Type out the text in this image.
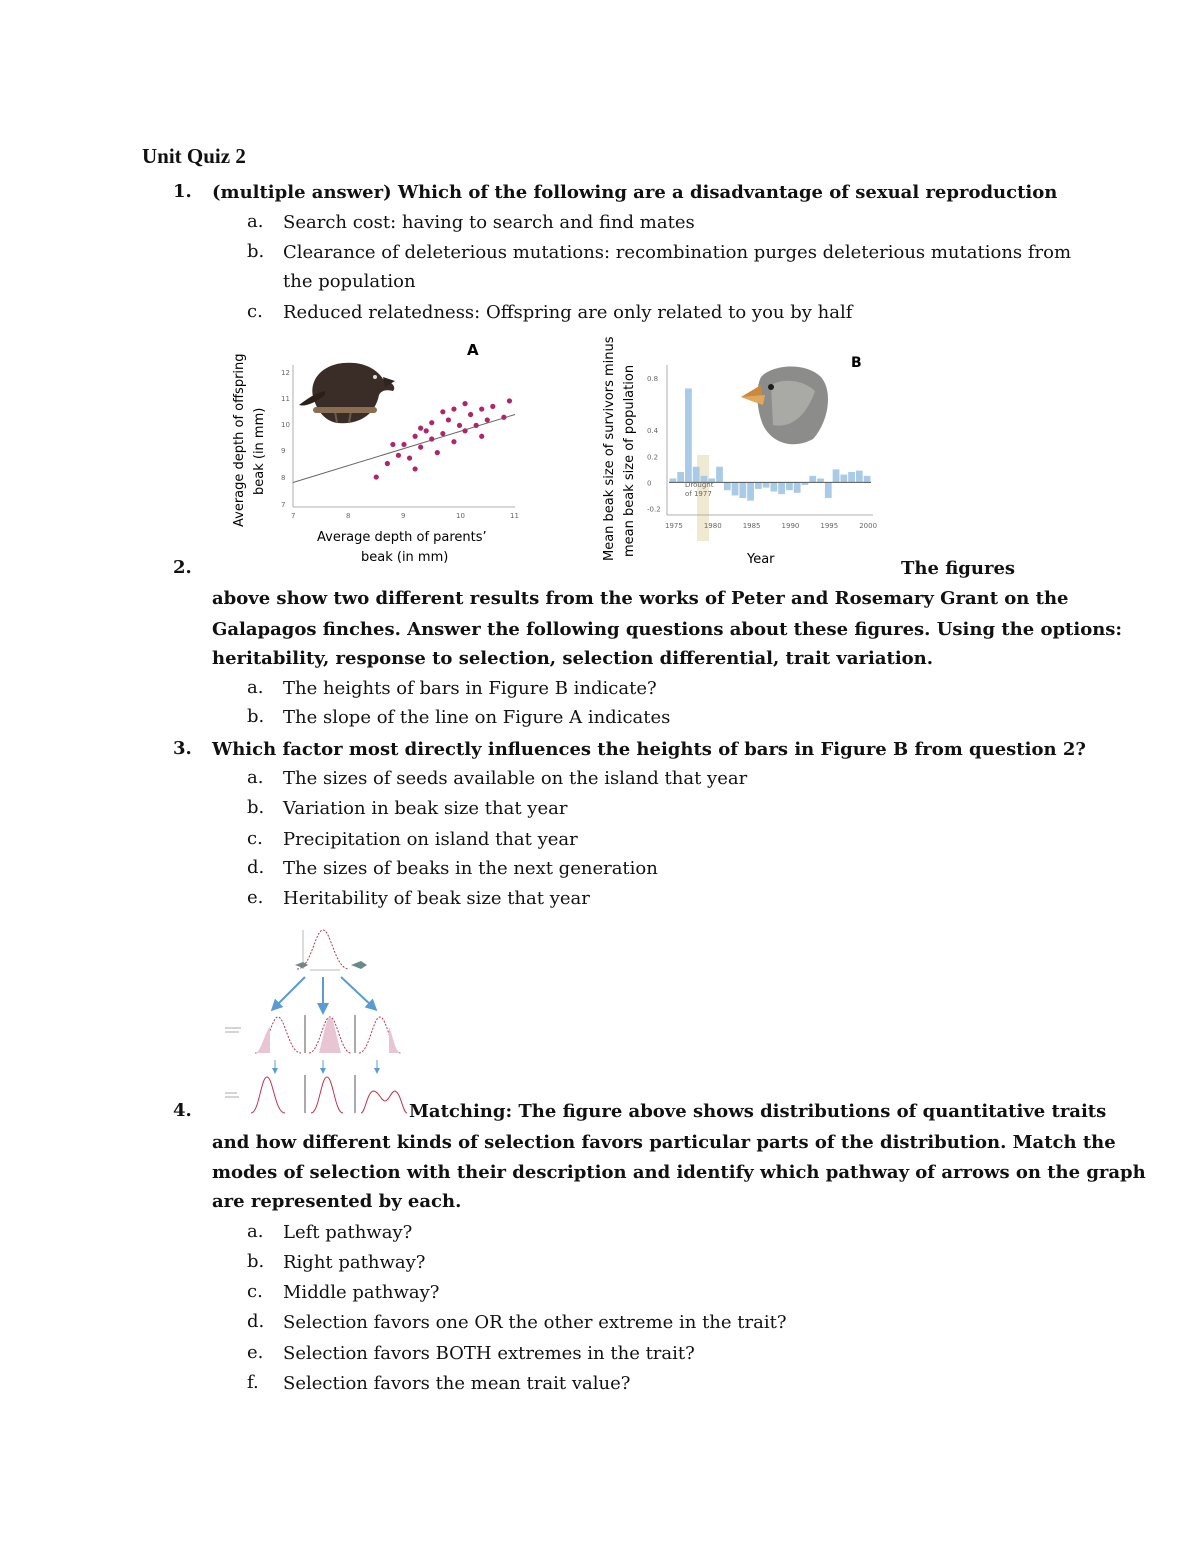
Unit Quiz 2
1. (multiple answer) Which of the following are a disadvantage of sexual reproduction
a. Search cost: having to search and find mates
b. Clearance of deleterious mutations: recombination purges deleterious mutations from
the population
c. Reduced relatedness: Offspring are only related to you by half
A
12
11
10
9
8
7
7	8	9	10	11
Average depth of offspring beak (in mm)
Average depth of parents’
beak (in mm)	Mean beak size of survivors minus mean beak size of population
B
0.8
0.4
0.2
0
-0.2
1975	1980	1985	1990	1995	2000
Drought
of 1977
Year
2.	The figures
above show two different results from the works of Peter and Rosemary Grant on the
Galapagos finches. Answer the following questions about these figures. Using the options:
heritability, response to selection, selection differential, trait variation.
a. The heights of bars in Figure B indicate?
b. The slope of the line on Figure A indicates
3. Which factor most directly influences the heights of bars in Figure B from question 2?
a. The sizes of seeds available on the island that year
b. Variation in beak size that year
c. Precipitation on island that year
d. The sizes of beaks in the next generation
e. Heritability of beak size that year
4.	Matching: The figure above shows distributions of quantitative traits
and how different kinds of selection favors particular parts of the distribution. Match the
modes of selection with their description and identify which pathway of arrows on the graph
are represented by each.
a. Left pathway?
b. Right pathway?
c. Middle pathway?
d. Selection favors one OR the other extreme in the trait?
e. Selection favors BOTH extremes in the trait?
f. Selection favors the mean trait value?
